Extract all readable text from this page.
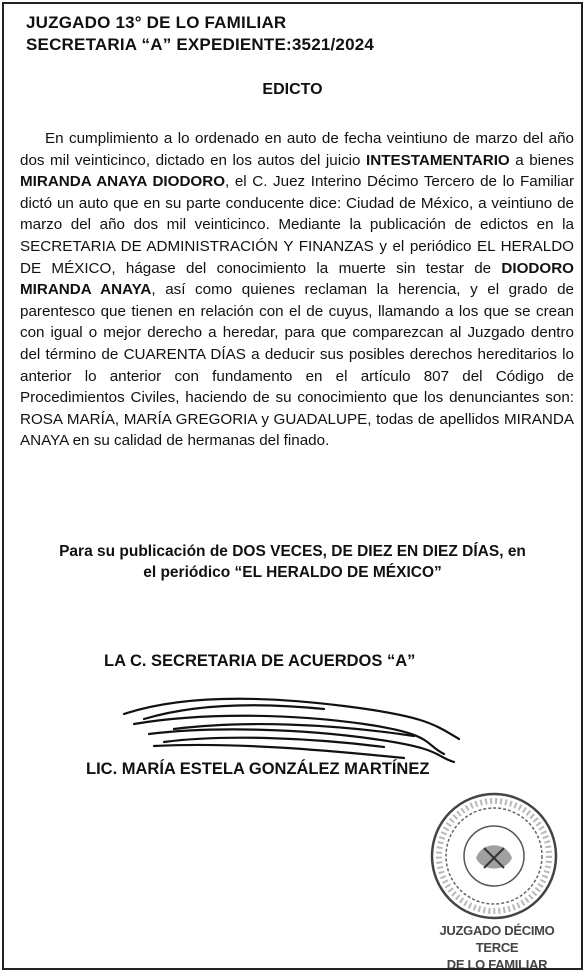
JUZGADO 13° DE LO FAMILIAR
SECRETARIA “A” EXPEDIENTE:3521/2024
EDICTO
En cumplimiento a lo ordenado en auto de fecha veintiuno de marzo del año dos mil veinticinco, dictado en los autos del juicio INTESTAMENTARIO a bienes MIRANDA ANAYA DIODORO, el C. Juez Interino Décimo Tercero de lo Familiar dictó un auto que en su parte conducente dice: Ciudad de México, a veintiuno de marzo del año dos mil veinticinco. Mediante la publicación de edictos en la SECRETARIA DE ADMINISTRACIÓN Y FINANZAS y el periódico EL HERALDO DE MÉXICO, hágase del conocimiento la muerte sin testar de DIODORO MIRANDA ANAYA, así como quienes reclaman la herencia, y el grado de parentesco que tienen en relación con el de cuyus, llamando a los que se crean con igual o mejor derecho a heredar, para que comparezcan al Juzgado dentro del término de CUARENTA DÍAS a deducir sus posibles derechos hereditarios lo anterior lo anterior con fundamento en el artículo 807 del Código de Procedimientos Civiles, haciendo de su conocimiento que los denunciantes son: ROSA MARÍA, MARÍA GREGORIA y GUADALUPE, todas de apellidos MIRANDA ANAYA en su calidad de hermanas del finado.
Para su publicación de DOS VECES, DE DIEZ EN DIEZ DÍAS, en
el periódico “EL HERALDO DE MÉXICO”
LA C. SECRETARIA DE ACUERDOS “A”
LIC. MARÍA ESTELA GONZÁLEZ MARTÍNEZ
JUZGADO DÉCIMO TERCE
DE LO FAMILIAR
